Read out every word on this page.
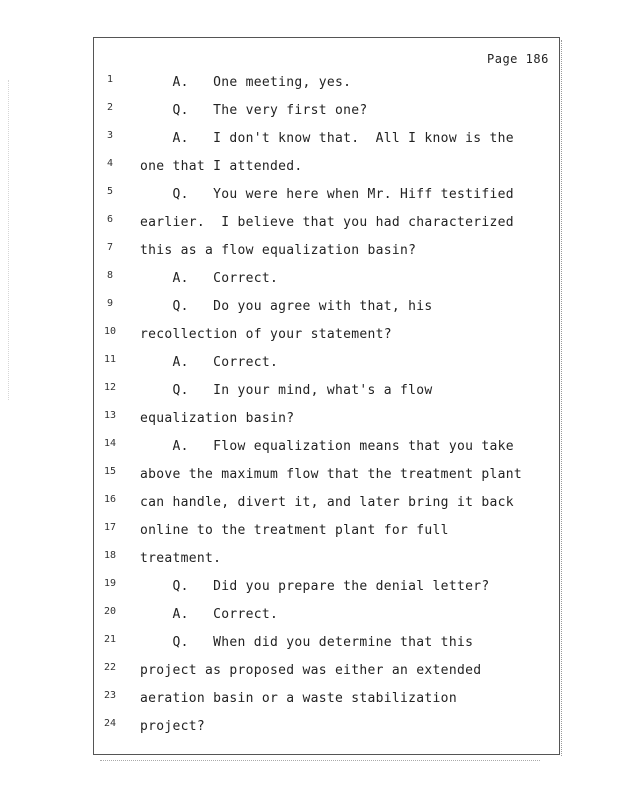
Page 186
1	A.   One meeting, yes.
2	Q.   The very first one?
3	A.   I don't know that.  All I know is the
4	one that I attended.
5	Q.   You were here when Mr. Hiff testified
6	earlier.  I believe that you had characterized
7	this as a flow equalization basin?
8	A.   Correct.
9	Q.   Do you agree with that, his
10	recollection of your statement?
11	A.   Correct.
12	Q.   In your mind, what's a flow
13	equalization basin?
14	A.   Flow equalization means that you take
15	above the maximum flow that the treatment plant
16	can handle, divert it, and later bring it back
17	online to the treatment plant for full
18	treatment.
19	Q.   Did you prepare the denial letter?
20	A.   Correct.
21	Q.   When did you determine that this
22	project as proposed was either an extended
23	aeration basin or a waste stabilization
24	project?
